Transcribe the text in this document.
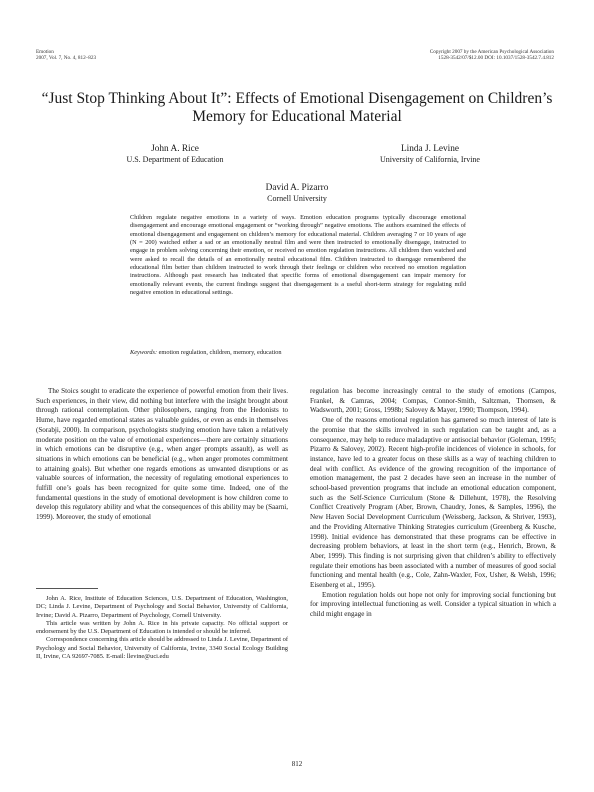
Emotion
2007, Vol. 7, No. 4, 812–823
Copyright 2007 by the American Psychological Association
1528-3542/07/$12.00 DOI: 10.1037/1528-3542.7.4.812
“Just Stop Thinking About It”: Effects of Emotional Disengagement on Children’s Memory for Educational Material
John A. Rice
U.S. Department of Education
Linda J. Levine
University of California, Irvine
David A. Pizarro
Cornell University

Children regulate negative emotions in a variety of ways. Emotion education programs typically discourage emotional disengagement and encourage emotional engagement or “working through” negative emotions. The authors examined the effects of emotional disengagement and engagement on children’s memory for educational material. Children averaging 7 or 10 years of age (N = 200) watched either a sad or an emotionally neutral film and were then instructed to emotionally disengage, instructed to engage in problem solving concerning their emotion, or received no emotion regulation instructions. All children then watched and were asked to recall the details of an emotionally neutral educational film. Children instructed to disengage remembered the educational film better than children instructed to work through their feelings or children who received no emotion regulation instructions. Although past research has indicated that specific forms of emotional disengagement can impair memory for emotionally relevant events, the current findings suggest that disengagement is a useful short-term strategy for regulating mild negative emotion in educational settings.

Keywords: emotion regulation, children, memory, education

The Stoics sought to eradicate the experience of powerful emotion from their lives. Such experiences, in their view, did nothing but interfere with the insight brought about through rational contemplation. Other philosophers, ranging from the Hedonists to Hume, have regarded emotional states as valuable guides, or even as ends in themselves (Sorabji, 2000). In comparison, psychologists studying emotion have taken a relatively moderate position on the value of emotional experiences—there are certainly situations in which emotions can be disruptive (e.g., when anger prompts assault), as well as situations in which emotions can be beneficial (e.g., when anger promotes commitment to attaining goals). But whether one regards emotions as unwanted disruptions or as valuable sources of information, the necessity of regulating emotional experiences to fulfill one’s goals has been recognized for quite some time. Indeed, one of the fundamental questions in the study of emotional development is how children come to develop this regulatory ability and what the consequences of this ability may be (Saarni, 1999). Moreover, the study of emotional

regulation has become increasingly central to the study of emotions (Campos, Frankel, & Camras, 2004; Compas, Connor-Smith, Saltzman, Thomsen, & Wadsworth, 2001; Gross, 1998b; Salovey & Mayer, 1990; Thompson, 1994).

One of the reasons emotional regulation has garnered so much interest of late is the promise that the skills involved in such regulation can be taught and, as a consequence, may help to reduce maladaptive or antisocial behavior (Goleman, 1995; Pizarro & Salovey, 2002). Recent high-profile incidences of violence in schools, for instance, have led to a greater focus on these skills as a way of teaching children to deal with conflict. As evidence of the growing recognition of the importance of emotion management, the past 2 decades have seen an increase in the number of school-based prevention programs that include an emotional education component, such as the Self-Science Curriculum (Stone & Dillehunt, 1978), the Resolving Conflict Creatively Program (Aber, Brown, Chaudry, Jones, & Samples, 1996), the New Haven Social Development Curriculum (Weissberg, Jackson, & Shriver, 1993), and the Providing Alternative Thinking Strategies curriculum (Greenberg & Kusche, 1998). Initial evidence has demonstrated that these programs can be effective in decreasing problem behaviors, at least in the short term (e.g., Henrich, Brown, & Aber, 1999). This finding is not surprising given that children’s ability to effectively regulate their emotions has been associated with a number of measures of good social functioning and mental health (e.g., Cole, Zahn-Waxler, Fox, Usher, & Welsh, 1996; Eisenberg et al., 1995).

Emotion regulation holds out hope not only for improving social functioning but for improving intellectual functioning as well. Consider a typical situation in which a child might engage in

John A. Rice, Institute of Education Sciences, U.S. Department of Education, Washington, DC; Linda J. Levine, Department of Psychology and Social Behavior, University of California, Irvine; David A. Pizarro, Department of Psychology, Cornell University.

This article was written by John A. Rice in his private capacity. No official support or endorsement by the U.S. Department of Education is intended or should be inferred.

Correspondence concerning this article should be addressed to Linda J. Levine, Department of Psychology and Social Behavior, University of California, Irvine, 3340 Social Ecology Building II, Irvine, CA 92697-7085. E-mail: llevine@uci.edu

812
